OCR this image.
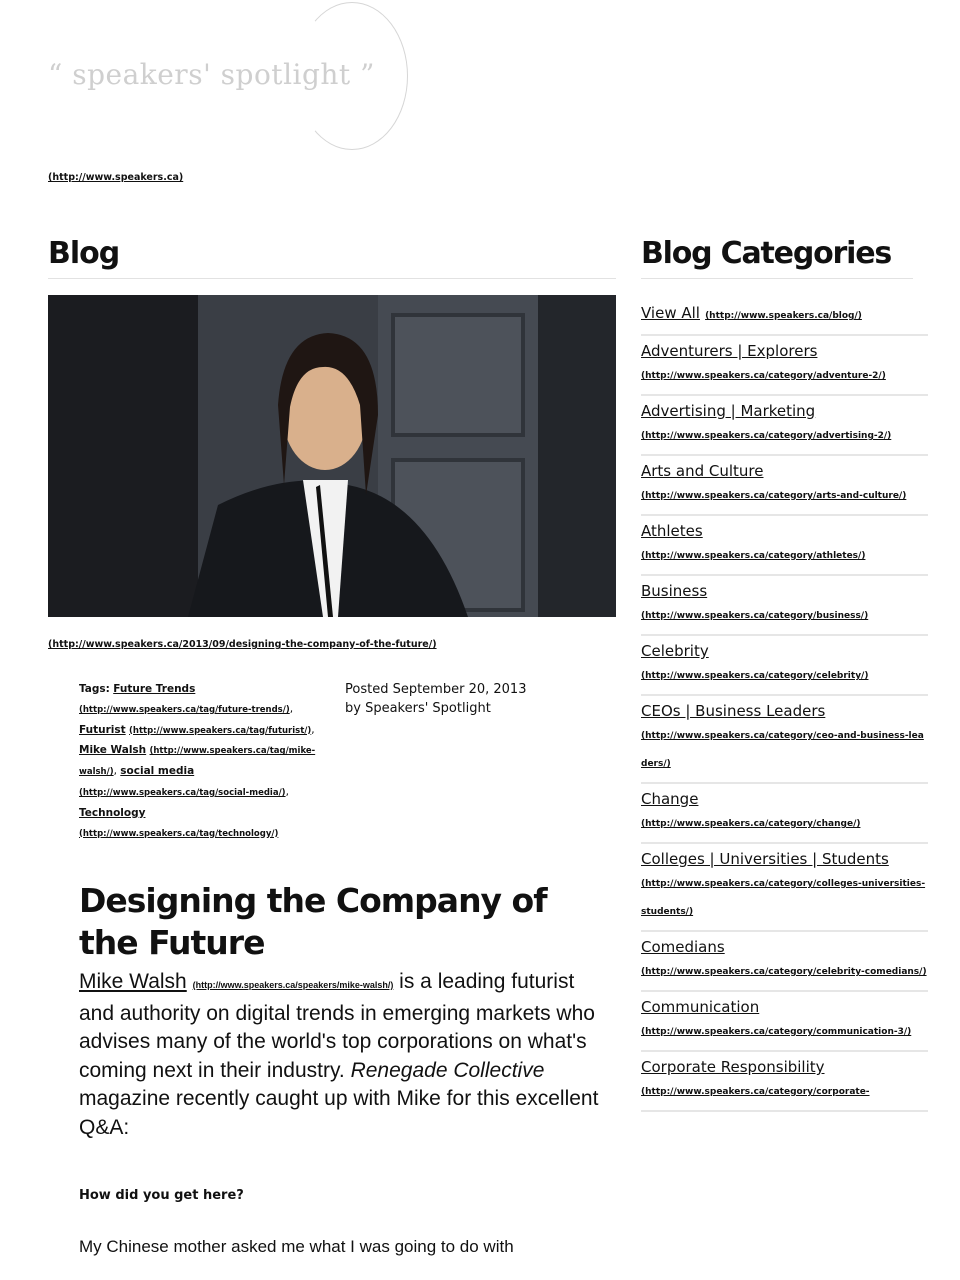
“ speakers' spotlight ”
(http://www.speakers.ca)
Blog
(http://www.speakers.ca/2013/09/designing-the-company-of-the-future/)
Tags: Future Trends (http://www.speakers.ca/tag/future-trends/), Futurist (http://www.speakers.ca/tag/futurist/), Mike Walsh (http://www.speakers.ca/tag/mike-walsh/), social media (http://www.speakers.ca/tag/social-media/), Technology (http://www.speakers.ca/tag/technology/)
Posted September 20, 2013
by Speakers' Spotlight
Designing the Company of the Future

Mike Walsh (http://www.speakers.ca/speakers/mike-walsh/) is a leading futurist and authority on digital trends in emerging markets who advises many of the world's top corporations on what's coming next in their industry. Renegade Collective magazine recently caught up with Mike for this excellent Q&A:

How did you get here?

My Chinese mother asked me what I was going to do with

Blog Categories
View All (http://www.speakers.ca/blog/)
Adventurers | Explorers
(http://www.speakers.ca/category/adventure-2/)
Advertising | Marketing
(http://www.speakers.ca/category/advertising-2/)
Arts and Culture
(http://www.speakers.ca/category/arts-and-culture/)
Athletes
(http://www.speakers.ca/category/athletes/)
Business
(http://www.speakers.ca/category/business/)
Celebrity
(http://www.speakers.ca/category/celebrity/)
CEOs | Business Leaders
(http://www.speakers.ca/category/ceo-and-business-leaders/)
Change
(http://www.speakers.ca/category/change/)
Colleges | Universities | Students
(http://www.speakers.ca/category/colleges-universities-students/)
Comedians
(http://www.speakers.ca/category/celebrity-comedians/)
Communication
(http://www.speakers.ca/category/communication-3/)
Corporate Responsibility
(http://www.speakers.ca/category/corporate-
